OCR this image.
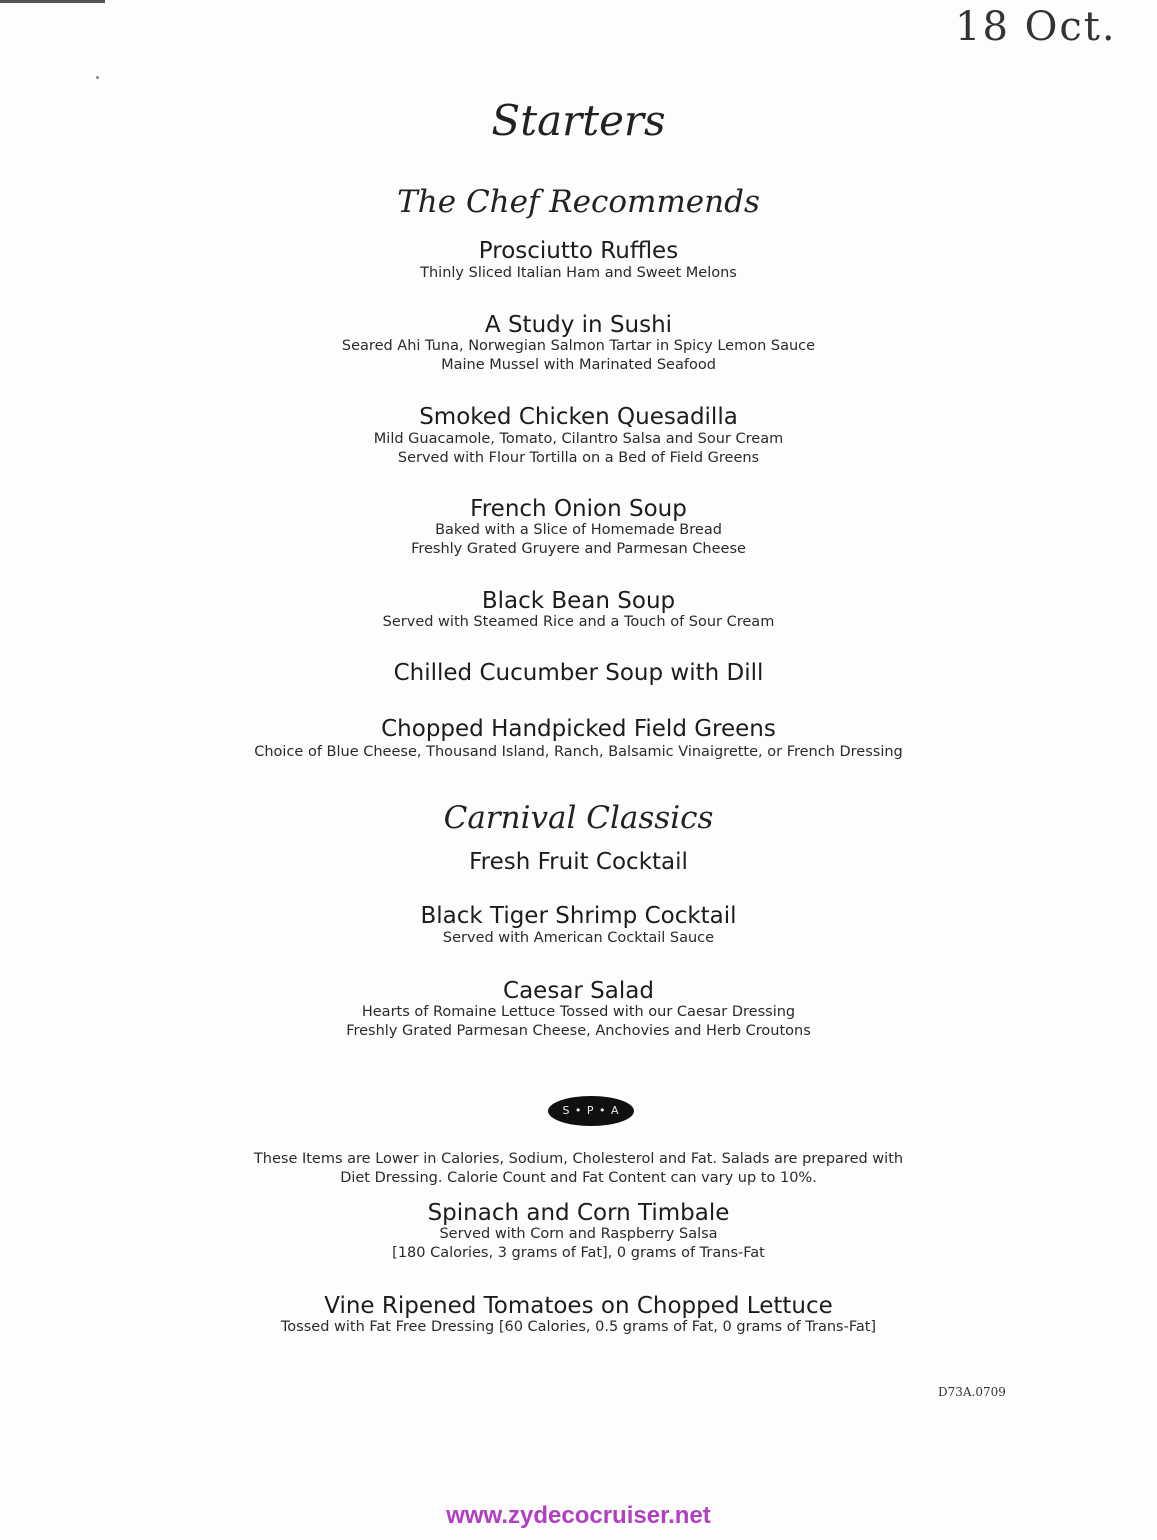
18 Oct.
Starters
The Chef Recommends
Prosciutto Ruffles
Thinly Sliced Italian Ham and Sweet Melons
A Study in Sushi
Seared Ahi Tuna, Norwegian Salmon Tartar in Spicy Lemon Sauce
Maine Mussel with Marinated Seafood
Smoked Chicken Quesadilla
Mild Guacamole, Tomato, Cilantro Salsa and Sour Cream
Served with Flour Tortilla on a Bed of Field Greens
French Onion Soup
Baked with a Slice of Homemade Bread
Freshly Grated Gruyere and Parmesan Cheese
Black Bean Soup
Served with Steamed Rice and a Touch of Sour Cream
Chilled Cucumber Soup with Dill
Chopped Handpicked Field Greens
Choice of Blue Cheese, Thousand Island, Ranch, Balsamic Vinaigrette, or French Dressing
Carnival Classics
Fresh Fruit Cocktail
Black Tiger Shrimp Cocktail
Served with American Cocktail Sauce
Caesar Salad
Hearts of Romaine Lettuce Tossed with our Caesar Dressing
Freshly Grated Parmesan Cheese, Anchovies and Herb Croutons
S • P • A
These Items are Lower in Calories, Sodium, Cholesterol and Fat. Salads are prepared with
Diet Dressing. Calorie Count and Fat Content can vary up to 10%.
Spinach and Corn Timbale
Served with Corn and Raspberry Salsa
[180 Calories, 3 grams of Fat], 0 grams of Trans-Fat
Vine Ripened Tomatoes on Chopped Lettuce
Tossed with Fat Free Dressing [60 Calories, 0.5 grams of Fat, 0 grams of Trans-Fat]
D73A.0709
www.zydecocruiser.net
